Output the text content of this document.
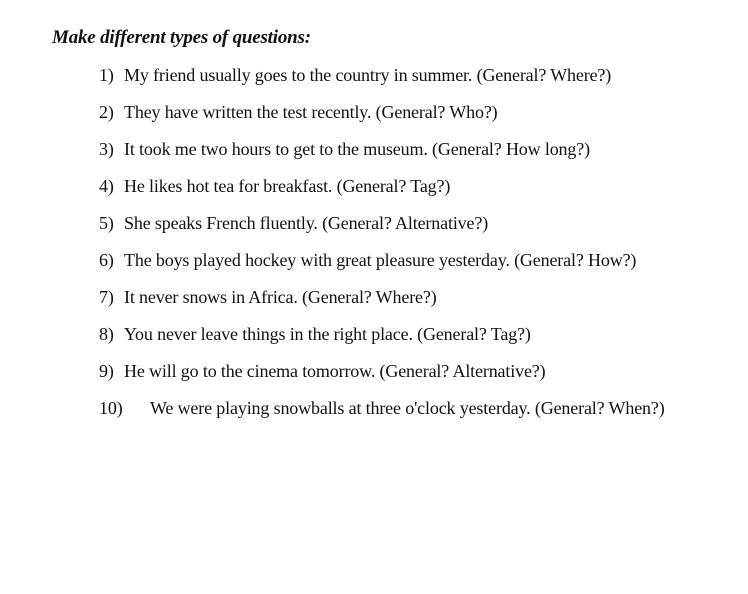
Make different types of questions:
1) My friend usually goes to the country in summer. (General? Where?)
2) They have written the test recently. (General? Who?)
3) It took me two hours to get to the museum. (General? How long?)
4) He likes hot tea for breakfast. (General? Tag?)
5) She speaks French fluently. (General? Alternative?)
6) The boys played hockey with great pleasure yesterday. (General? How?)
7) It never snows in Africa. (General? Where?)
8) You never leave things in the right place. (General? Tag?)
9) He will go to the cinema tomorrow. (General? Alternative?)
10) We were playing snowballs at three o'clock yesterday. (General? When?)
